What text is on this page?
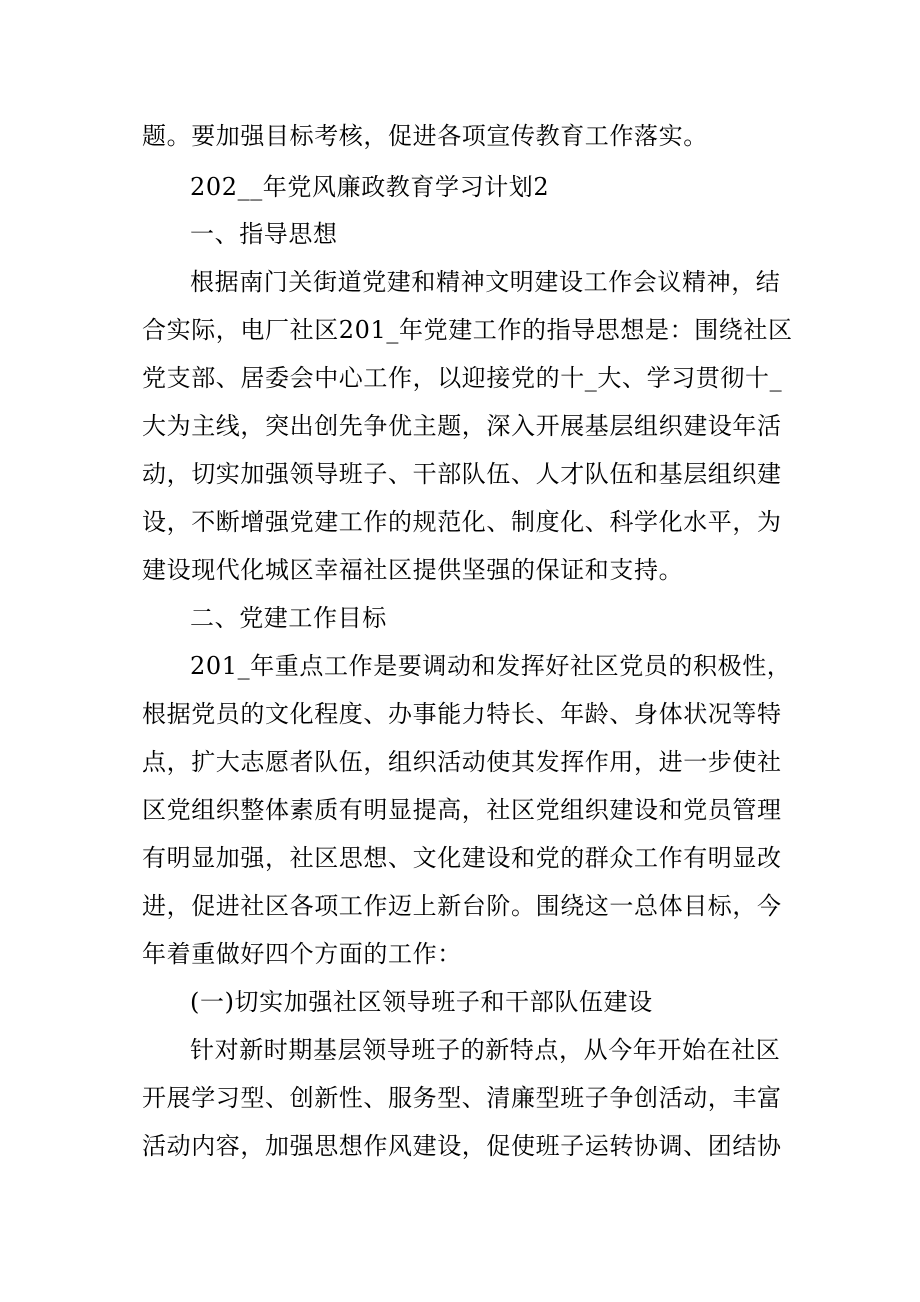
题。要加强目标考核，促进各项宣传教育工作落实。
202__年党风廉政教育学习计划2
一、指导思想
根据南门关街道党建和精神文明建设工作会议精神，结
合实际，电厂社区201_年党建工作的指导思想是：围绕社区
党支部、居委会中心工作，以迎接党的十_大、学习贯彻十_
大为主线，突出创先争优主题，深入开展基层组织建设年活
动，切实加强领导班子、干部队伍、人才队伍和基层组织建
设，不断增强党建工作的规范化、制度化、科学化水平，为
建设现代化城区幸福社区提供坚强的保证和支持。
二、党建工作目标
201_年重点工作是要调动和发挥好社区党员的积极性，
根据党员的文化程度、办事能力特长、年龄、身体状况等特
点，扩大志愿者队伍，组织活动使其发挥作用，进一步使社
区党组织整体素质有明显提高，社区党组织建设和党员管理
有明显加强，社区思想、文化建设和党的群众工作有明显改
进，促进社区各项工作迈上新台阶。围绕这一总体目标，今
年着重做好四个方面的工作：
(一)切实加强社区领导班子和干部队伍建设
针对新时期基层领导班子的新特点，从今年开始在社区
开展学习型、创新性、服务型、清廉型班子争创活动，丰富
活动内容，加强思想作风建设，促使班子运转协调、团结协
